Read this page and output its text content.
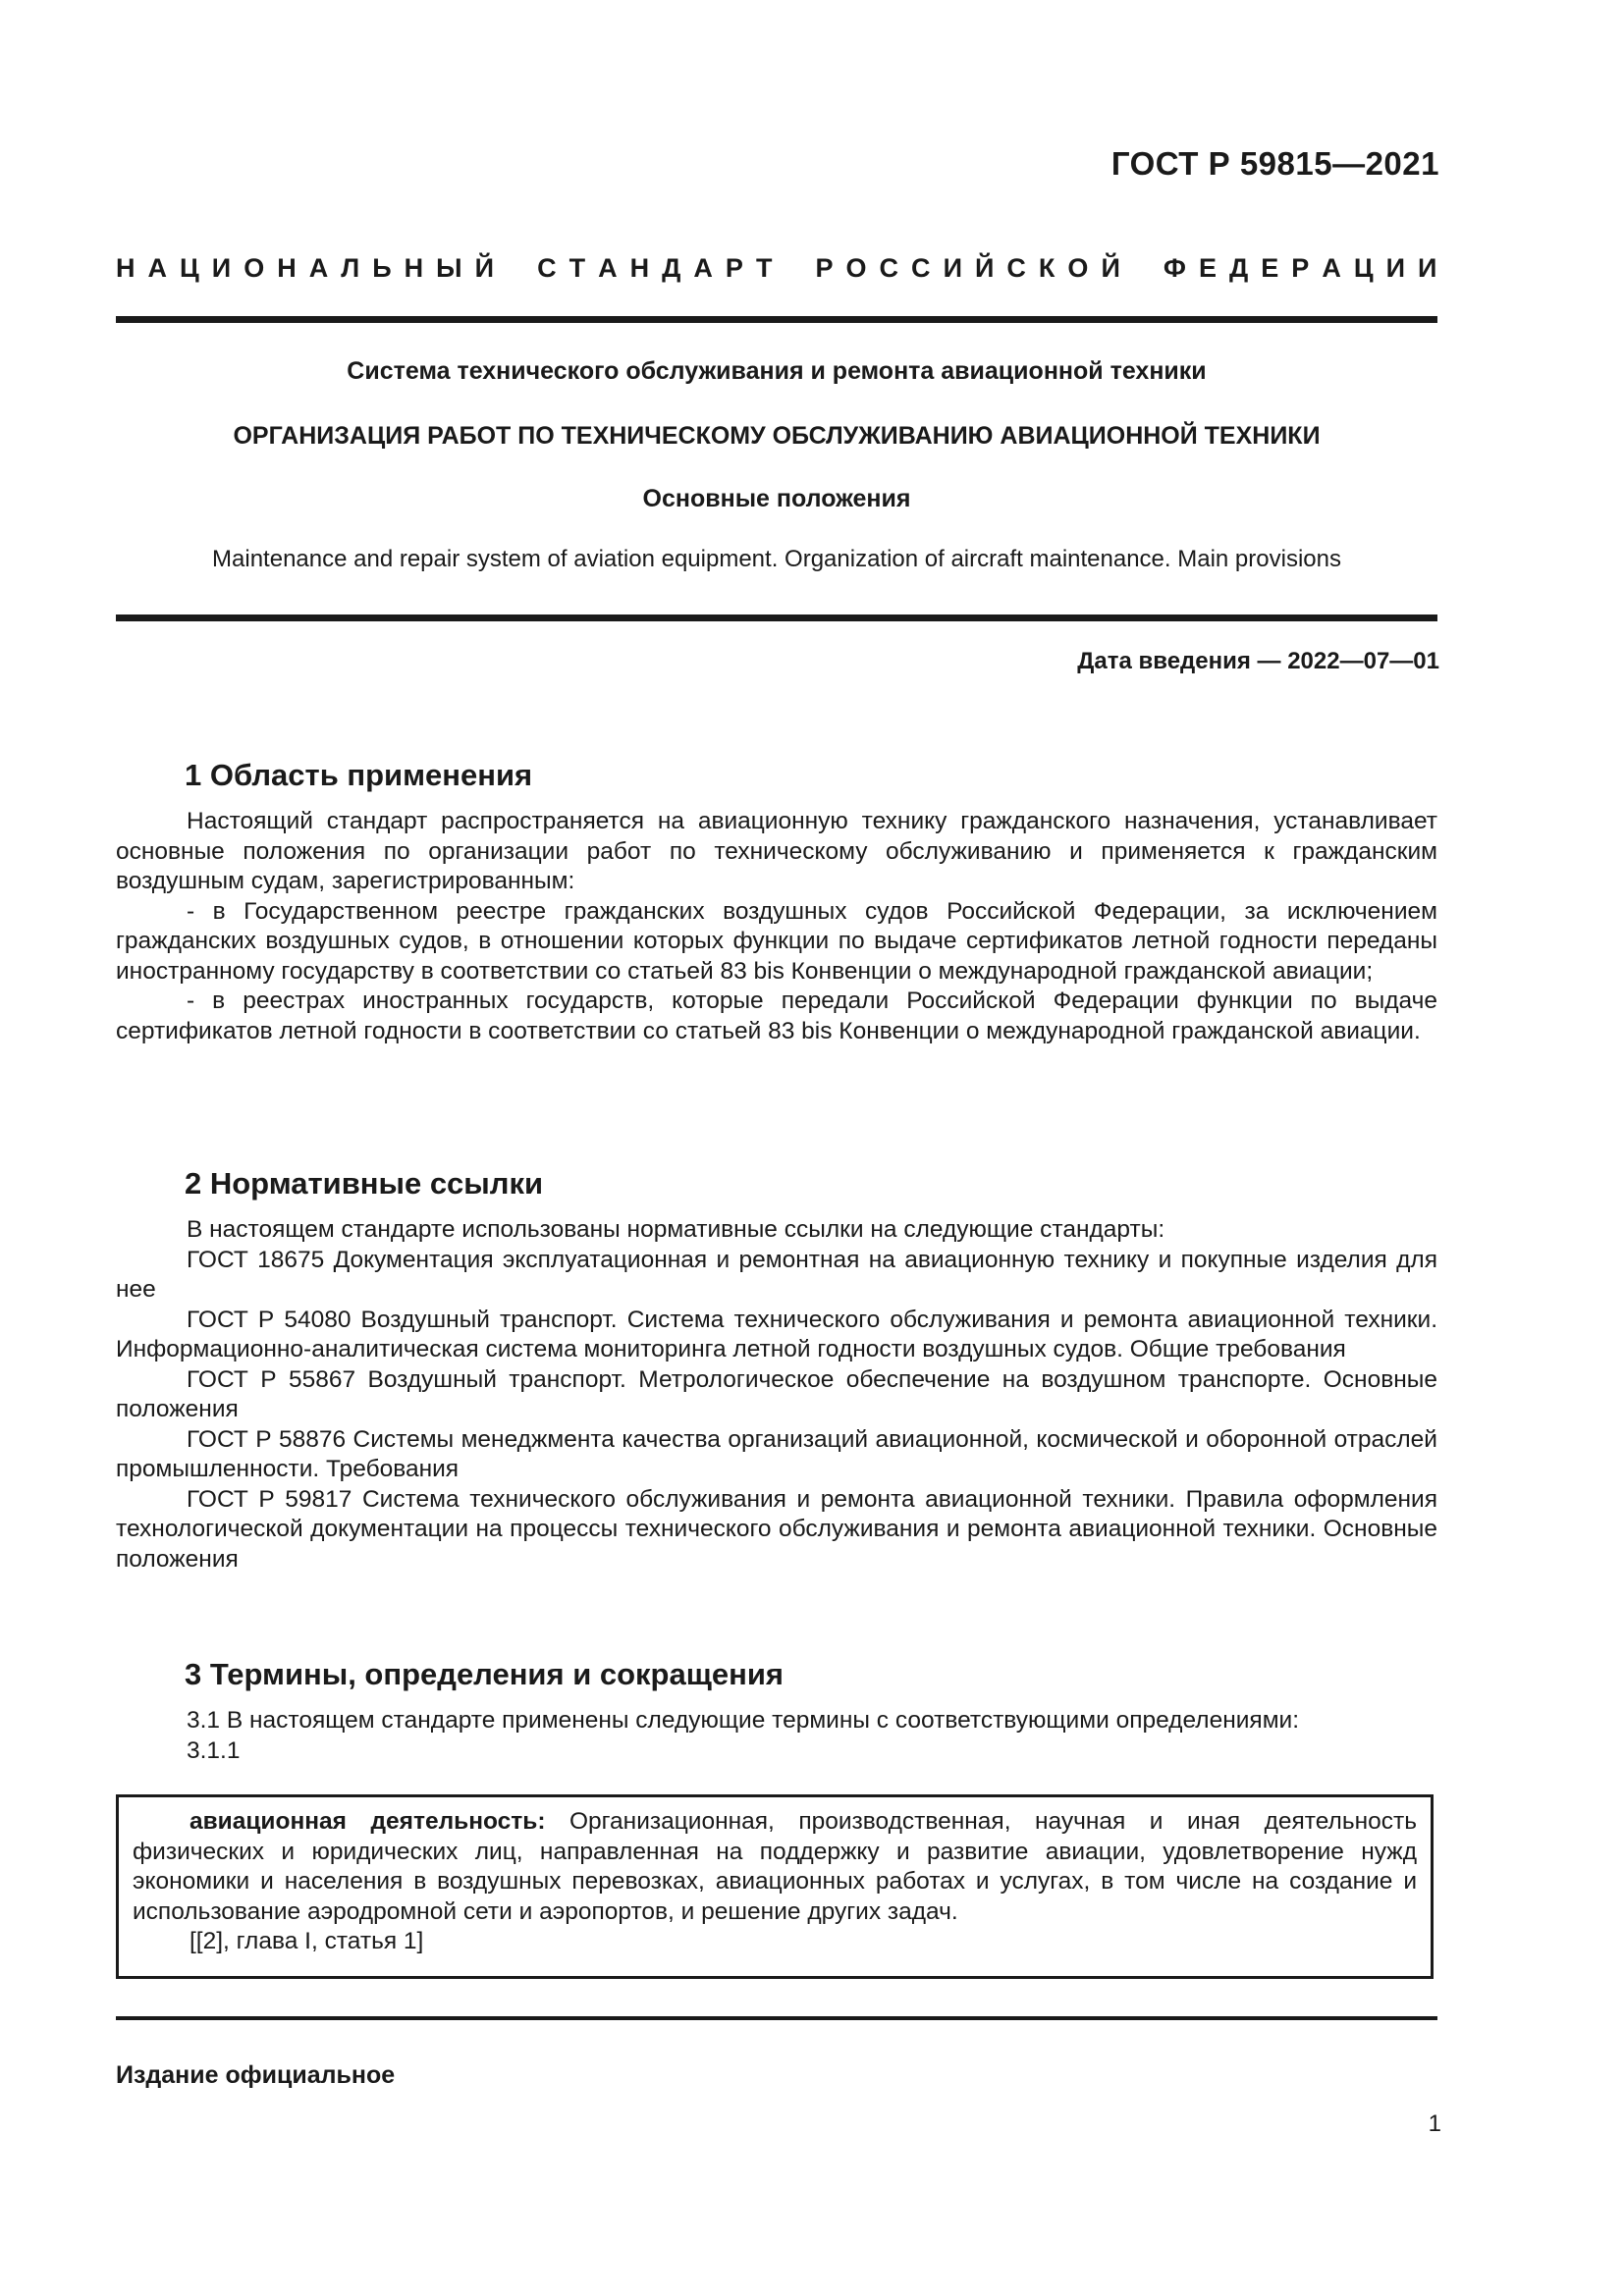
ГОСТ Р 59815—2021
Н А Ц И О Н А Л Ь Н Ы Й С Т А Н Д А Р Т Р О С С И Й С К О Й Ф Е Д Е Р А Ц И И
Система технического обслуживания и ремонта авиационной техники
ОРГАНИЗАЦИЯ РАБОТ ПО ТЕХНИЧЕСКОМУ ОБСЛУЖИВАНИЮ АВИАЦИОННОЙ ТЕХНИКИ
Основные положения
Maintenance and repair system of aviation equipment. Organization of aircraft maintenance. Main provisions
Дата введения — 2022—07—01
1 Область применения

Настоящий стандарт распространяется на авиационную технику гражданского назначения, устанавливает основные положения по организации работ по техническому обслуживанию и применяется к гражданским воздушным судам, зарегистрированным:

- в Государственном реестре гражданских воздушных судов Российской Федерации, за исключением гражданских воздушных судов, в отношении которых функции по выдаче сертификатов летной годности переданы иностранному государству в соответствии со статьей 83 bis Конвенции о международной гражданской авиации;

- в реестрах иностранных государств, которые передали Российской Федерации функции по выдаче сертификатов летной годности в соответствии со статьей 83 bis Конвенции о международной гражданской авиации.

2 Нормативные ссылки

В настоящем стандарте использованы нормативные ссылки на следующие стандарты:

ГОСТ 18675 Документация эксплуатационная и ремонтная на авиационную технику и покупные изделия для нее

ГОСТ Р 54080 Воздушный транспорт. Система технического обслуживания и ремонта авиационной техники. Информационно-аналитическая система мониторинга летной годности воздушных судов. Общие требования

ГОСТ Р 55867 Воздушный транспорт. Метрологическое обеспечение на воздушном транспорте. Основные положения

ГОСТ Р 58876 Системы менеджмента качества организаций авиационной, космической и оборонной отраслей промышленности. Требования

ГОСТ Р 59817 Система технического обслуживания и ремонта авиационной техники. Правила оформления технологической документации на процессы технического обслуживания и ремонта авиационной техники. Основные положения

3 Термины, определения и сокращения

3.1 В настоящем стандарте применены следующие термины с соответствующими определениями:

3.1.1

авиационная деятельность: Организационная, производственная, научная и иная деятельность физических и юридических лиц, направленная на поддержку и развитие авиации, удовлетворение нужд экономики и населения в воздушных перевозках, авиационных работах и услугах, в том числе на создание и использование аэродромной сети и аэропортов, и решение других задач.

[[2], глава I, статья 1]

Издание официальное
1
